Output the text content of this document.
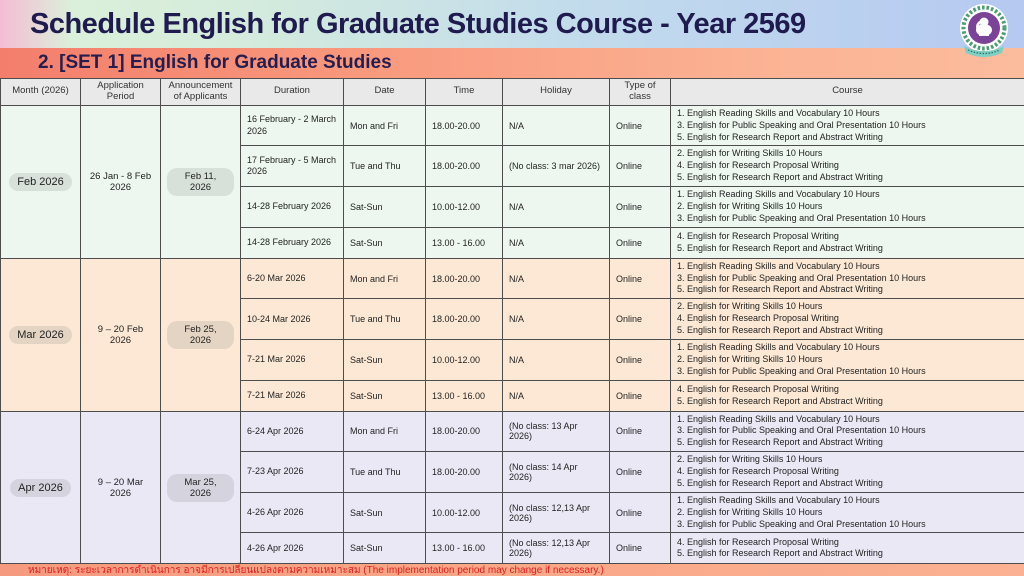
Schedule English for Graduate Studies Course - Year 2569
2. [SET 1] English for Graduate Studies
Month (2026)	Application Period	Announcement of Applicants	Duration	Date	Time	Holiday	Type of class	Course
Feb 2026	26 Jan - 8 Feb 2026	Feb 11, 2026	16 February - 2 March 2026	Mon and Fri	18.00-20.00	N/A	Online	1. English Reading Skills and Vocabulary 10 Hours
3. English for Public Speaking and Oral Presentation 10 Hours
5. English for Research Report and Abstract Writing

			17 February - 5 March 2026	Tue and Thu	18.00-20.00	(No class: 3 mar 2026)	Online	2. English for Writing Skills 10 Hours
4. English for Research Proposal Writing
5. English for Research Report and Abstract Writing

			14-28 February 2026	Sat-Sun	10.00-12.00	N/A	Online	1. English Reading Skills and Vocabulary 10 Hours
2. English for Writing Skills 10 Hours
3. English for Public Speaking and Oral Presentation 10 Hours

			14-28 February 2026	Sat-Sun	13.00 - 16.00	N/A	Online	4. English for Research Proposal Writing
5. English for Research Report and Abstract Writing

Mar 2026	9 – 20 Feb 2026	Feb 25, 2026	6-20 Mar 2026	Mon and Fri	18.00-20.00	N/A	Online	1. English Reading Skills and Vocabulary 10 Hours
3. English for Public Speaking and Oral Presentation 10 Hours
5. English for Research Report and Abstract Writing

			10-24 Mar 2026	Tue and Thu	18.00-20.00	N/A	Online	2. English for Writing Skills 10 Hours
4. English for Research Proposal Writing
5. English for Research Report and Abstract Writing

			7-21 Mar 2026	Sat-Sun	10.00-12.00	N/A	Online	1. English Reading Skills and Vocabulary 10 Hours
2. English for Writing Skills 10 Hours
3. English for Public Speaking and Oral Presentation 10 Hours

			7-21 Mar 2026	Sat-Sun	13.00 - 16.00	N/A	Online	4. English for Research Proposal Writing
5. English for Research Report and Abstract Writing

Apr 2026	9 – 20 Mar 2026	Mar 25, 2026	6-24 Apr 2026	Mon and Fri	18.00-20.00	(No class: 13 Apr 2026)	Online	1. English Reading Skills and Vocabulary 10 Hours
3. English for Public Speaking and Oral Presentation 10 Hours
5. English for Research Report and Abstract Writing

			7-23 Apr 2026	Tue and Thu	18.00-20.00	(No class: 14 Apr 2026)	Online	2. English for Writing Skills 10 Hours
4. English for Research Proposal Writing
5. English for Research Report and Abstract Writing

			4-26 Apr 2026	Sat-Sun	10.00-12.00	(No class: 12,13 Apr 2026)	Online	1. English Reading Skills and Vocabulary 10 Hours
2. English for Writing Skills 10 Hours
3. English for Public Speaking and Oral Presentation 10 Hours

			4-26 Apr 2026	Sat-Sun	13.00 - 16.00	(No class: 12,13 Apr 2026)	Online	4. English for Research Proposal Writing
5. English for Research Report and Abstract Writing
หมายเหตุ: ระยะเวลาการดำเนินการ อาจมีการเปลี่ยนแปลงตามความเหมาะสม (The implementation period may change if necessary.)
